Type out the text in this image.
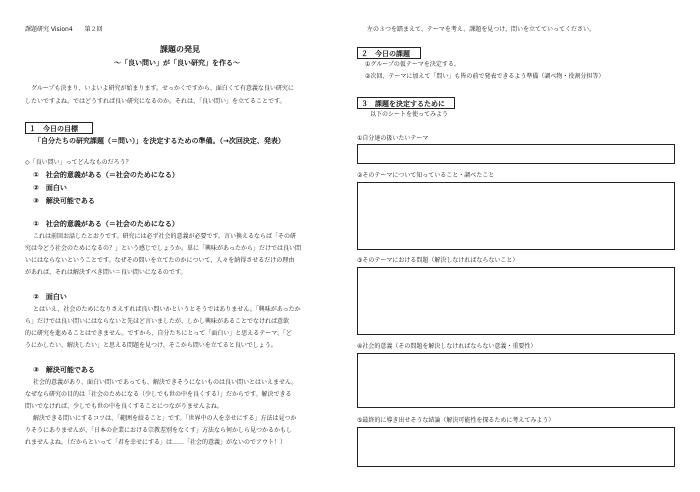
課題研究 Vision4 第２回
課題の発見
～「良い問い」が「良い研究」を作る～
グループも決まり、いよいよ研究が始まります。せっかくですから、面白くて有意義な良い研究に
したいですよね。ではどうすれば良い研究になるのか。それは、「良い問い」を立てることです。
１　今日の目標
「自分たちの研究課題（＝問い）」を決定するための準備。（→次回決定、発表）
◇「良い問い」ってどんなものだろう？
①　社会的意義がある（＝社会のためになる）
②　面白い
③　解決可能である
①　社会的意義がある（＝社会のためになる）
これは前回お話したとおりです。研究には必ず社会的意義が必要です。言い換えるならば「その研
究は今どう社会のためになるの？」という感じでしょうか。単に「興味があったから」だけでは良い問
いにはならないということです。なぜその問いを立てたのかについて、人々を納得させるだけの理由
があれば、それは解決すべき問い＝良い問いになるのです。
②　面白い
とはいえ、社会のためになりさえすれば良い問いかというとそうではありません。「興味があったか
ら」だけでは良い問いにはならないと先ほど言いましたが、しかし興味があることでなければ意欲
的に研究を進めることはできません。ですから、自分たちにとって「面白い」と思えるテーマ、「ど
うにかしたい、解決したい」と思える問題を見つけ、そこから問いを立てると良いでしょう。
③　解決可能である
社会的意義があり、面白い問いであっても、解決できそうにないものは良い問いとはいえません。
なぜなら研究の目的は「社会のためになる（少しでも世の中を良くする）」だからです。解決できる
問いでなければ、少しでも世の中を良くすることにつながりませんよね。
解決できる問いにするコツは、「範囲を絞ること」です。「世界中の人を幸せにする」方法は見つか
りそうにありませんが、「日本の企業における宗教差別をなくす」方法なら何かしら見つかるかもし
れませんよね。（だからといって「君を幸せにする」は……「社会的意義」がないのでアウト！）
左の３つを踏まえて、テーマを考え、課題を見つけ、問いを立てていってください。
２　今日の課題
①グループの仮テーマを決定する。
②次回、テーマに加えて「問い」も皆の前で発表できるよう準備（調べ物・役割分担等）
３　課題を決定するために
以下のシートを使ってみよう
①自分達の扱いたいテーマ
②そのテーマについて知っていること・調べたこと
③そのテーマにおける問題（解決しなければならないこと）
④社会的意義（その問題を解決しなければならない意義・重要性）
⑤最終的に導き出せそうな結論（解決可能性を探るために考えてみよう）
